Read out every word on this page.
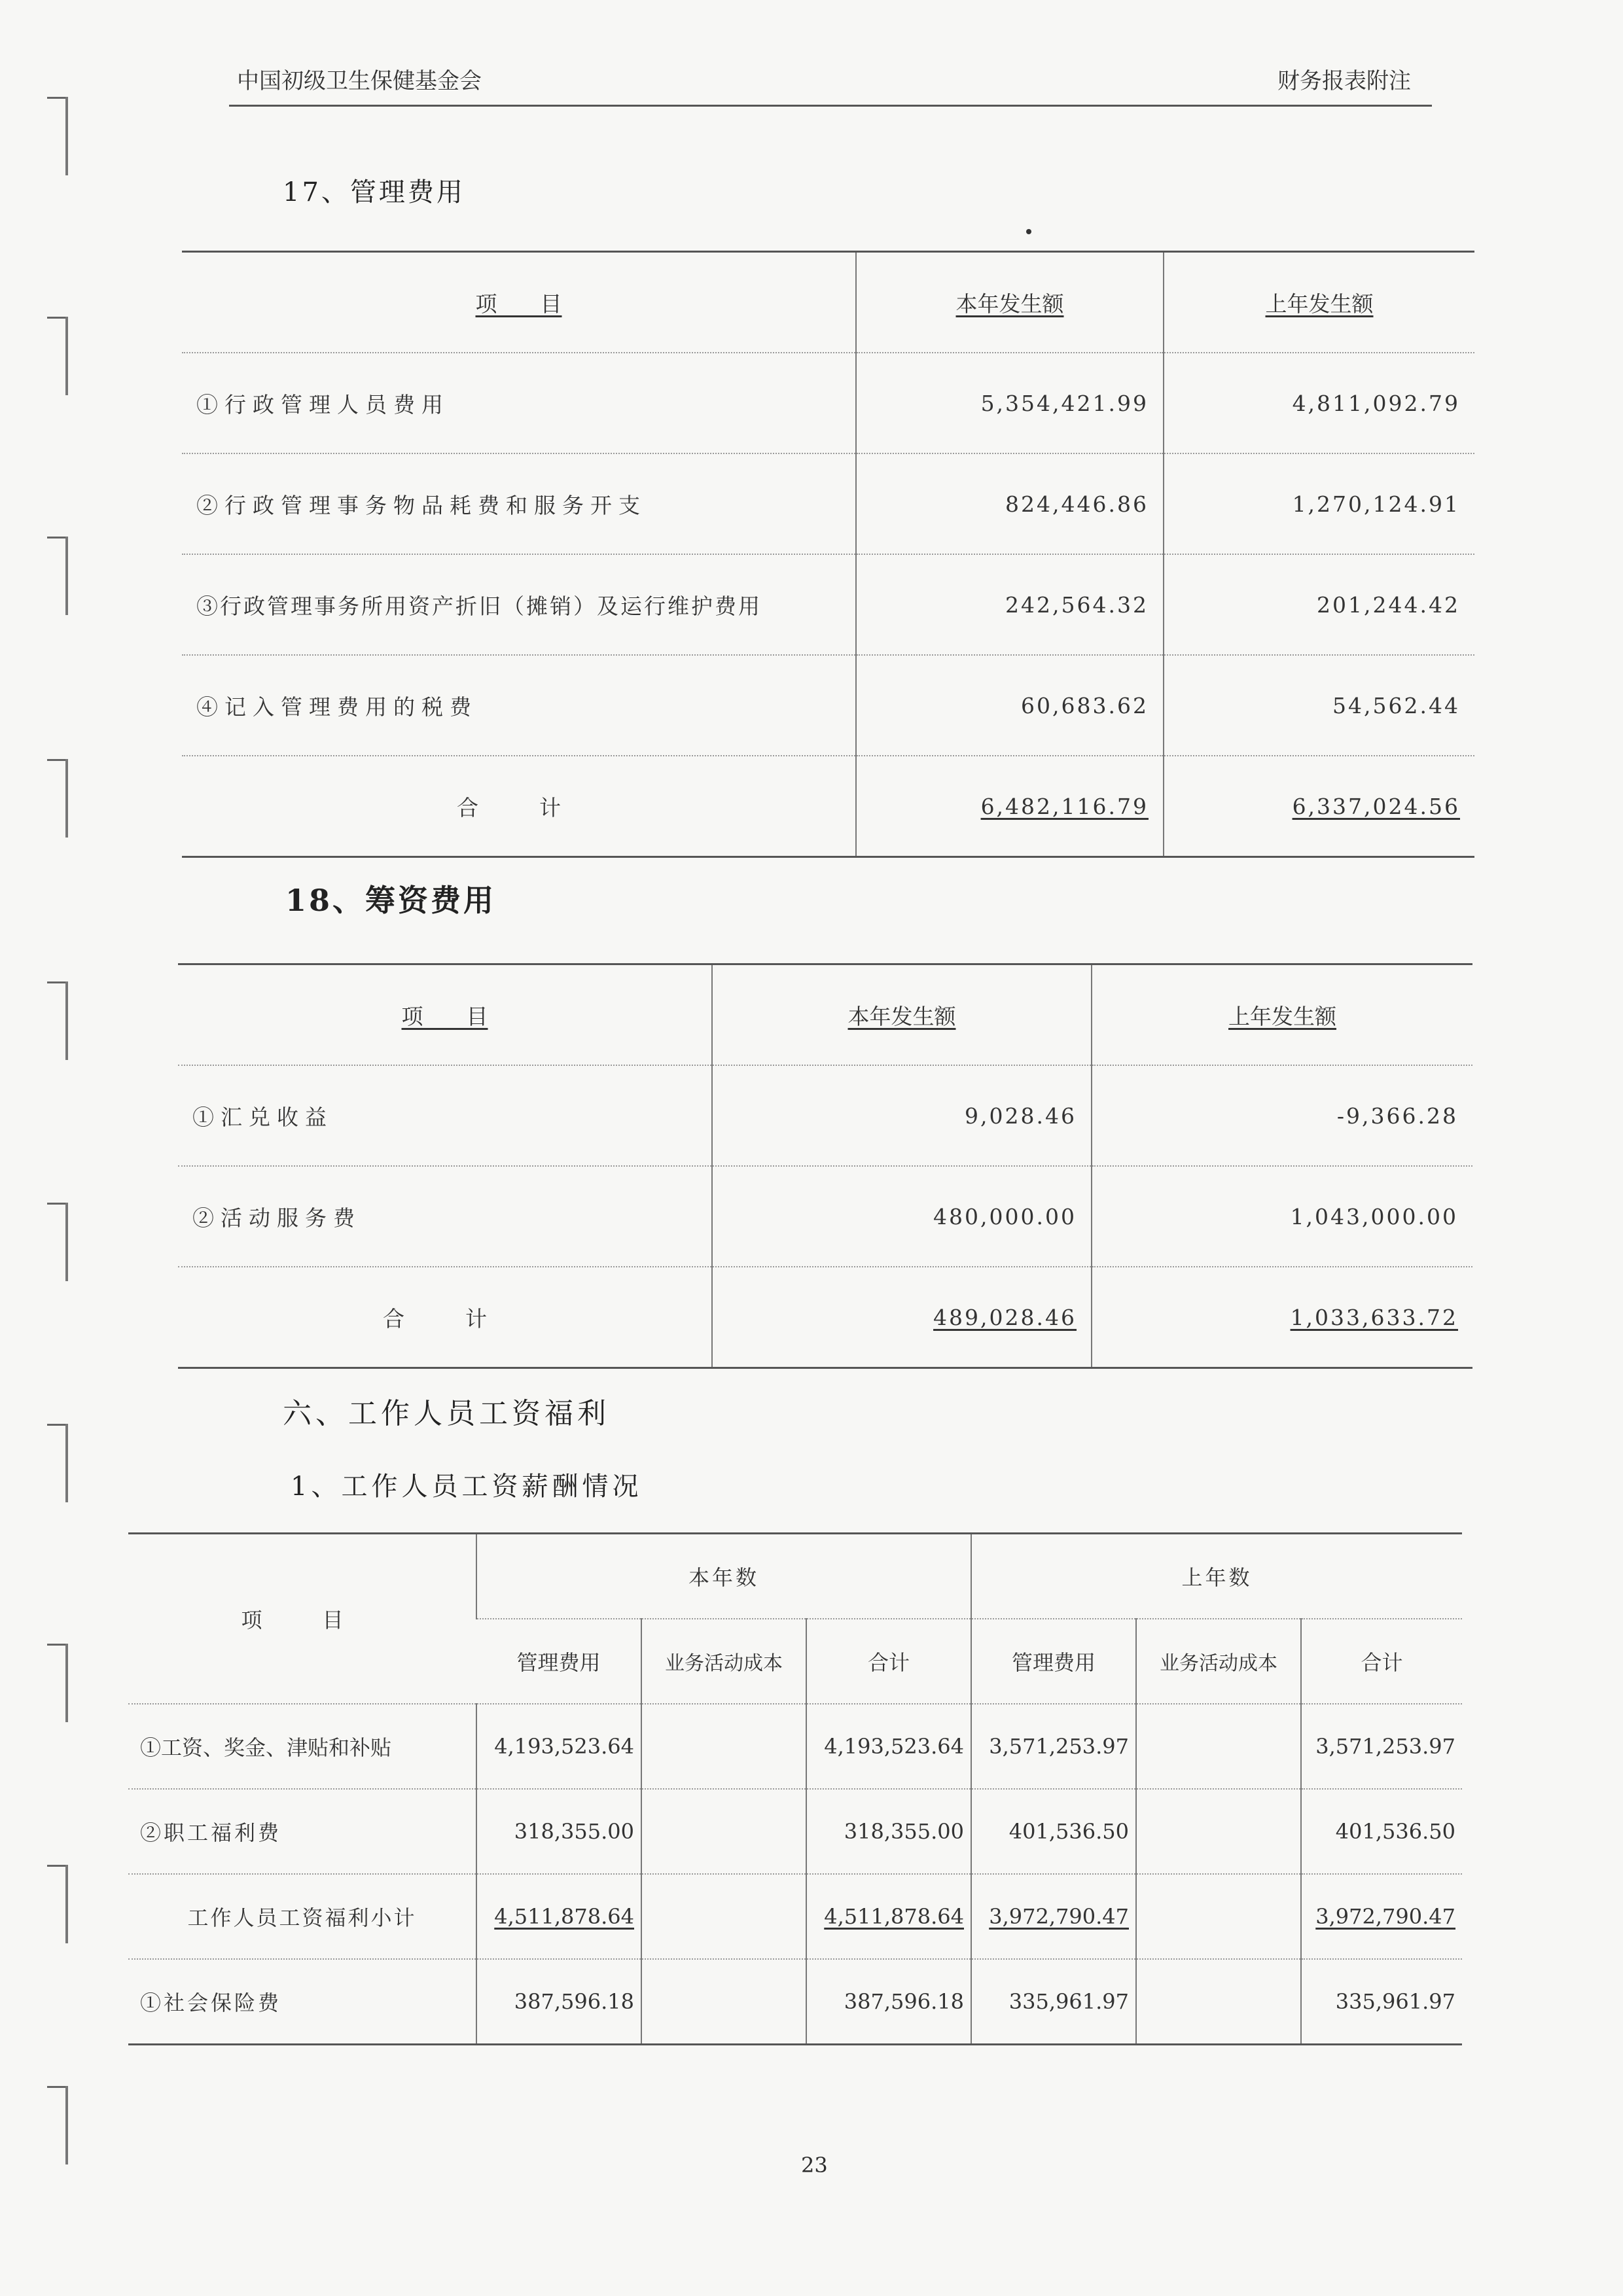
中国初级卫生保健基金会	财务报表附注
17、管理费用
项　　目	本年发生额	上年发生额
①行政管理人员费用	5,354,421.99	4,811,092.79
②行政管理事务物品耗费和服务开支	824,446.86	1,270,124.91
③行政管理事务所用资产折旧（摊销）及运行维护费用	242,564.32	201,244.42
④记入管理费用的税费	60,683.62	54,562.44
合　计	6,482,116.79	6,337,024.56
18、筹资费用
项　　目	本年发生额	上年发生额
①汇兑收益	9,028.46	-9,366.28
②活动服务费	480,000.00	1,043,000.00
合　计	489,028.46	1,033,633.72
六、工作人员工资福利
1、工作人员工资薪酬情况
项　目	本年数			上年数		
	管理费用	业务活动成本	合计	管理费用	业务活动成本	合计
①工资、奖金、津贴和补贴	4,193,523.64		4,193,523.64	3,571,253.97		3,571,253.97
②职工福利费	318,355.00		318,355.00	401,536.50		401,536.50
工作人员工资福利小计	4,511,878.64		4,511,878.64	3,972,790.47		3,972,790.47
①社会保险费	387,596.18		387,596.18	335,961.97		335,961.97
23
